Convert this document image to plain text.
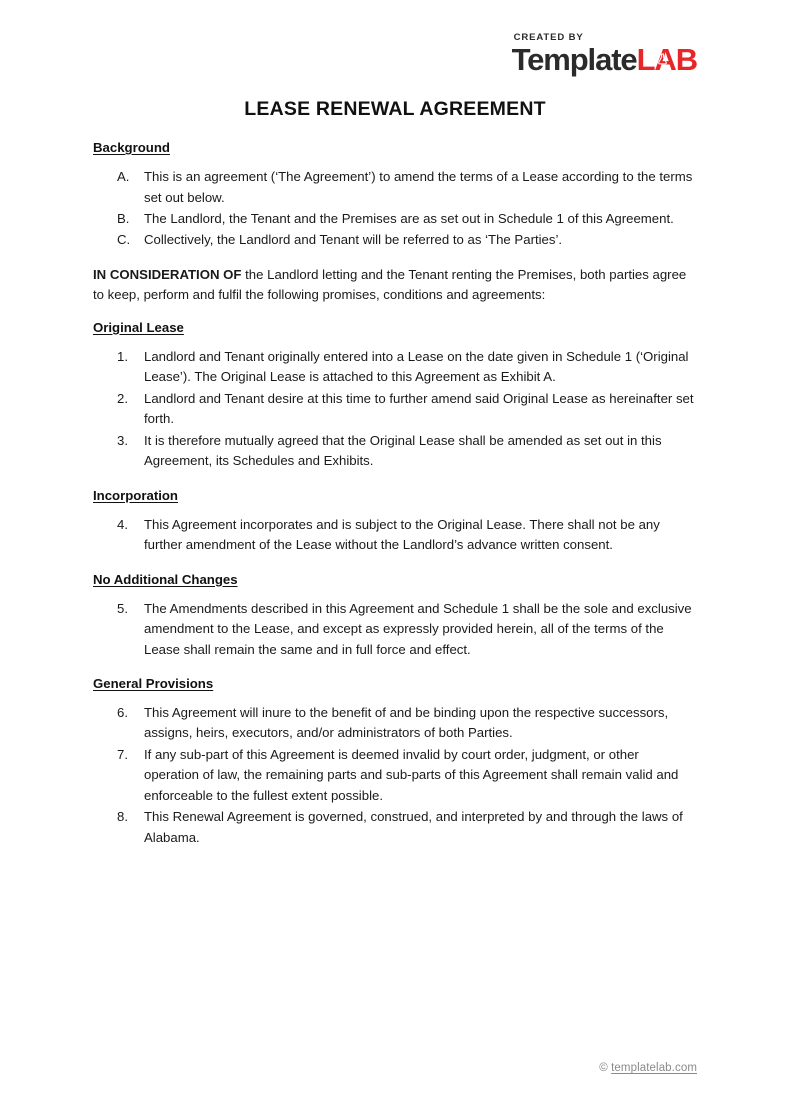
CREATED BY
TemplateLAB
LEASE RENEWAL AGREEMENT
Background
A.	This is an agreement (‘The Agreement’) to amend the terms of a Lease according to the terms set out below.
B.	The Landlord, the Tenant and the Premises are as set out in Schedule 1 of this Agreement.
C.	Collectively, the Landlord and Tenant will be referred to as ‘The Parties’.

IN CONSIDERATION OF the Landlord letting and the Tenant renting the Premises, both parties agree to keep, perform and fulfil the following promises, conditions and agreements:

Original Lease
1.	Landlord and Tenant originally entered into a Lease on the date given in Schedule 1 (‘Original Lease’). The Original Lease is attached to this Agreement as Exhibit A.
2.	Landlord and Tenant desire at this time to further amend said Original Lease as hereinafter set forth.
3.	It is therefore mutually agreed that the Original Lease shall be amended as set out in this Agreement, its Schedules and Exhibits.
Incorporation
4.	This Agreement incorporates and is subject to the Original Lease. There shall not be any further amendment of the Lease without the Landlord’s advance written consent.
No Additional Changes
5.	The Amendments described in this Agreement and Schedule 1 shall be the sole and exclusive amendment to the Lease, and except as expressly provided herein, all of the terms of the Lease shall remain the same and in full force and effect.
General Provisions
6.	This Agreement will inure to the benefit of and be binding upon the respective successors, assigns, heirs, executors, and/or administrators of both Parties.
7.	If any sub-part of this Agreement is deemed invalid by court order, judgment, or other operation of law, the remaining parts and sub-parts of this Agreement shall remain valid and enforceable to the fullest extent possible.
8.	This Renewal Agreement is governed, construed, and interpreted by and through the laws of Alabama.
© templatelab.com
